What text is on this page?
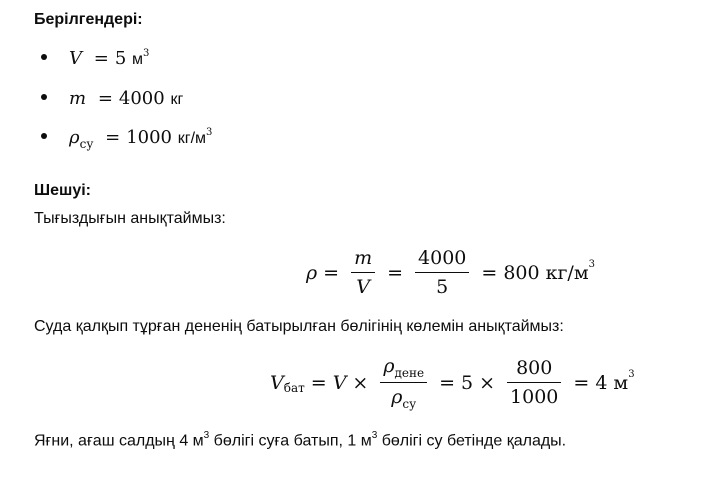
Берілгендері:
V = 5 $м^3$
m = 4000 кг
$\rho_{су} = 1000$ $кг/м^3$
Шешуі:
Тығыздығын анықтаймыз:
$\rho = \frac{m}{V} = \frac{4000}{5} = 800$ $кг/м^3$
Суда қалқып тұрған дененің батырылған бөлігінің көлемін анықтаймыз:
V бат = $V \times \frac{\rho_{дене}}{\rho_{су}} = 5 \times \frac{800}{1000} = 4$ $м^3$
Яғни, ағаш салдың 4 $м^3$ бөлігі суға батып, 1 $м^3$ бөлігі су бетінде қалады.
